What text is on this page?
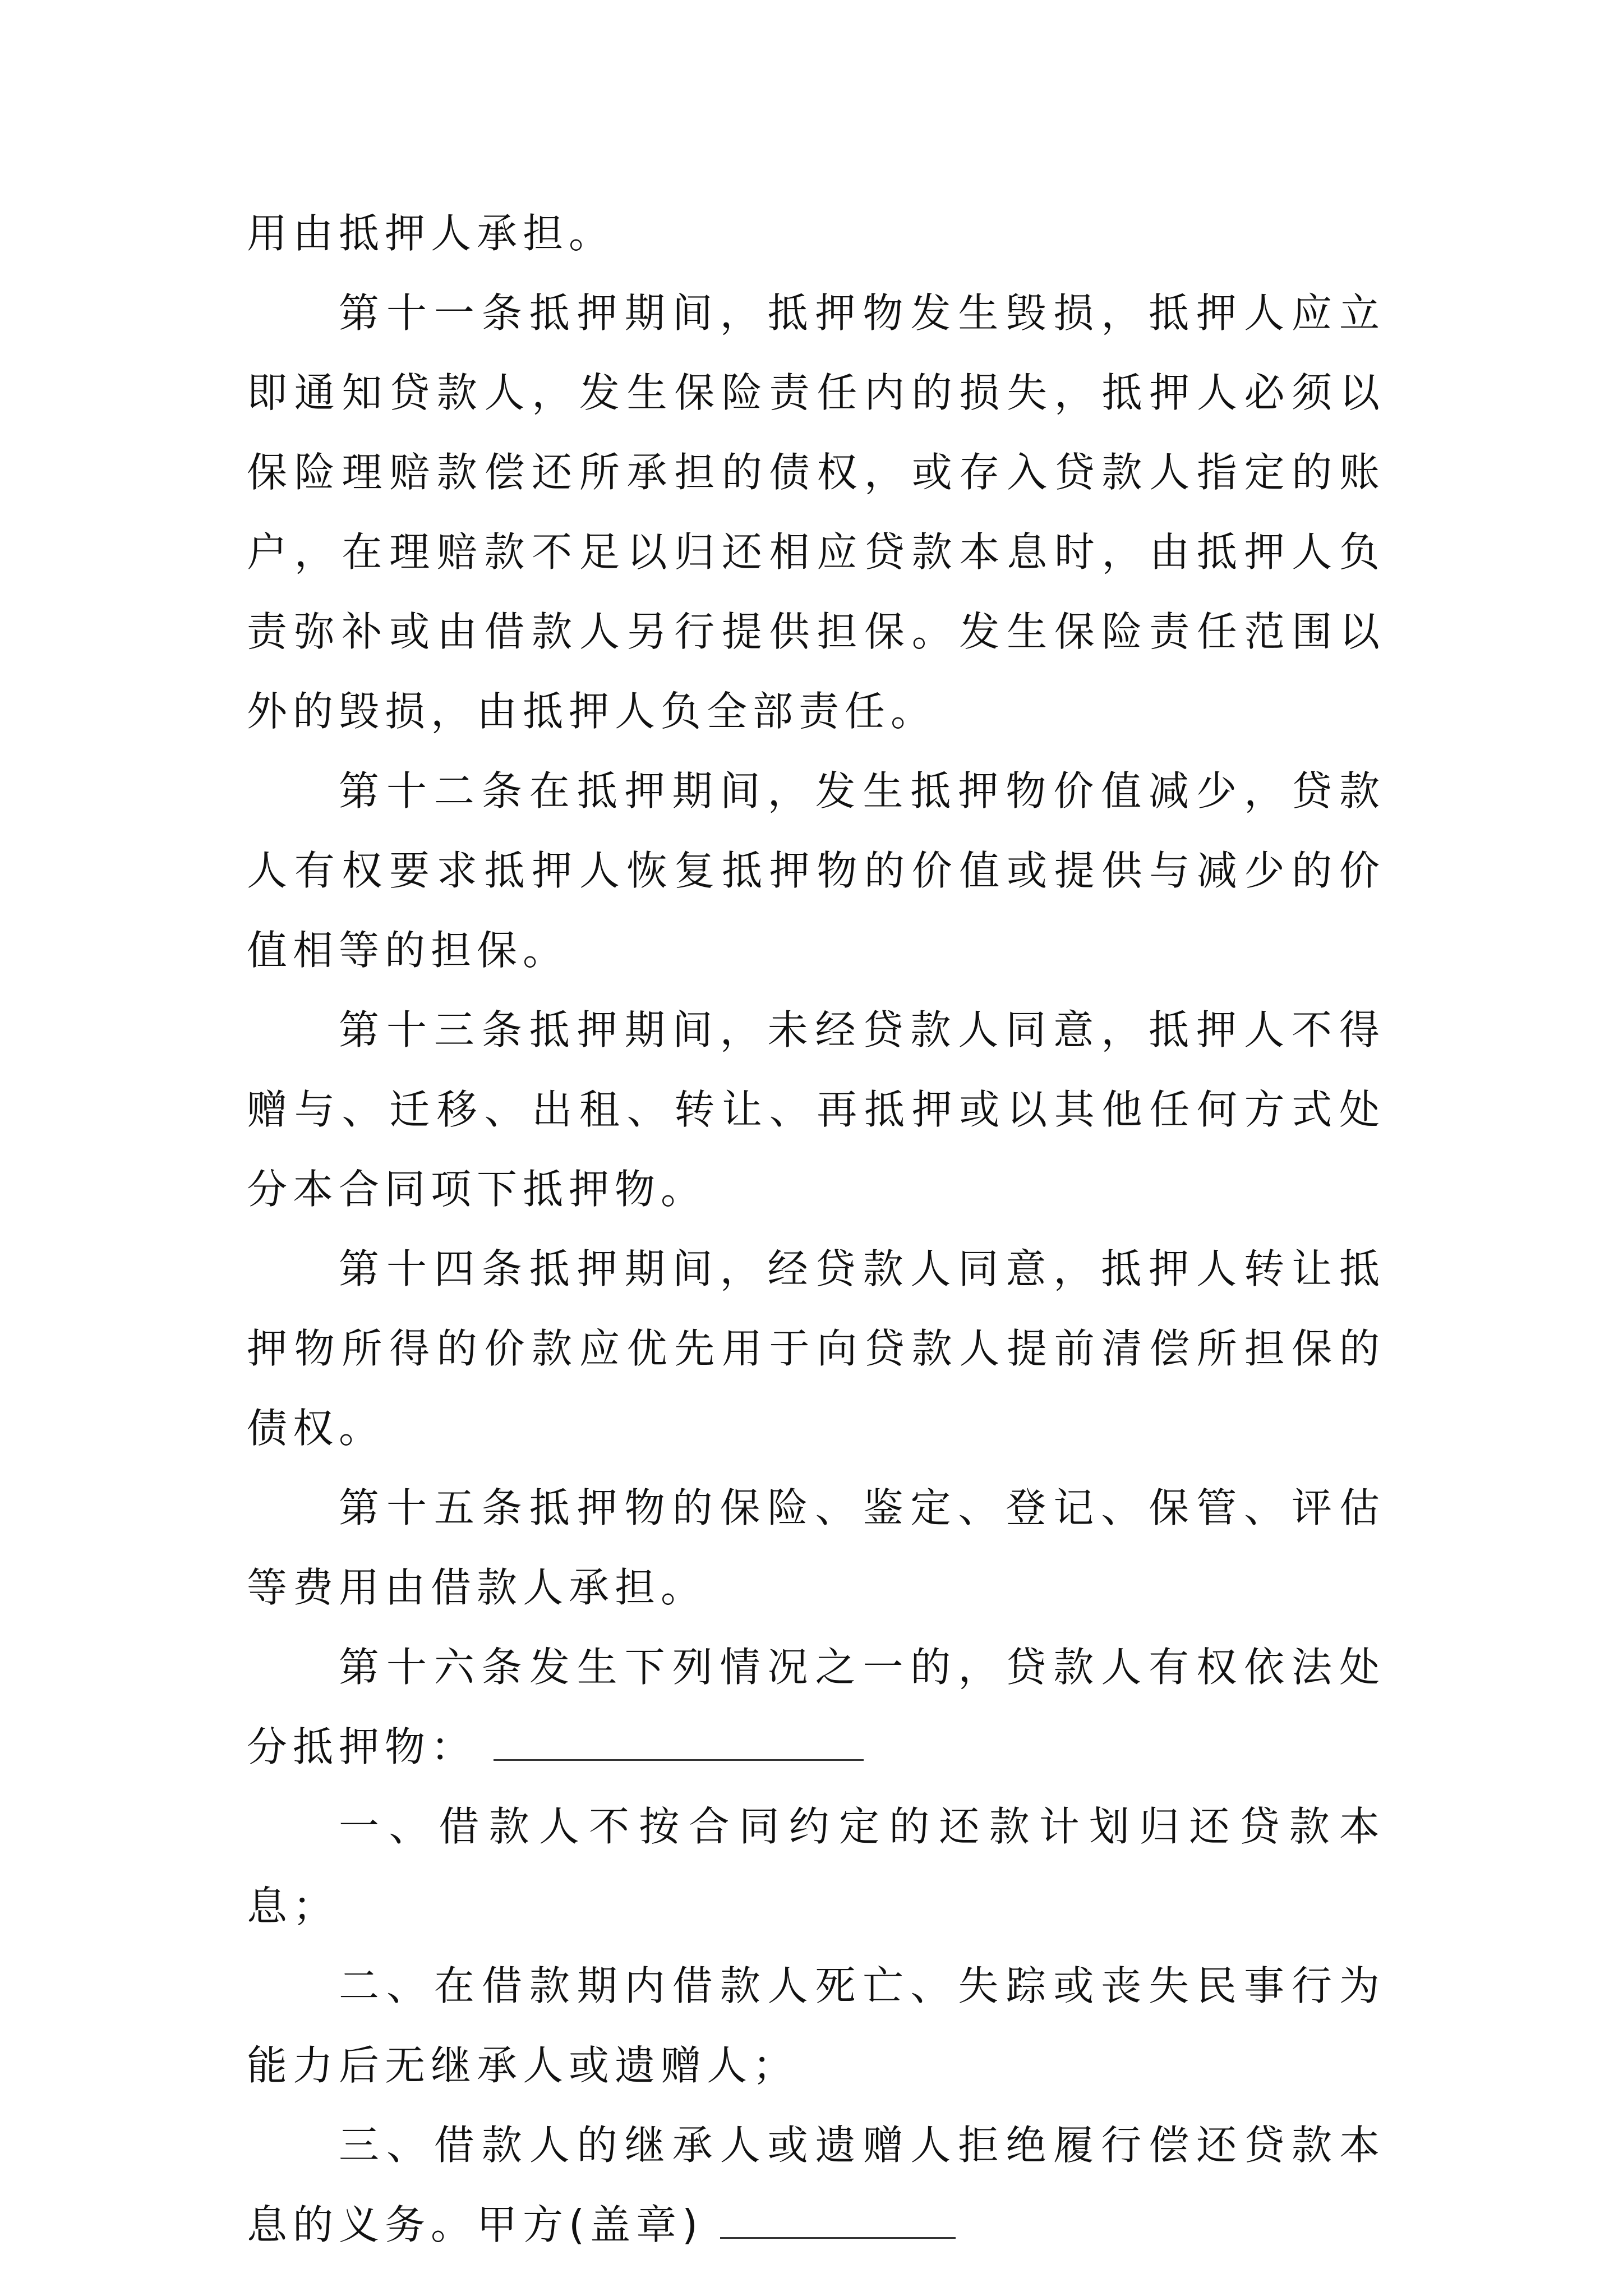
用由抵押人承担。

第十一条抵押期间，抵押物发生毁损，抵押人应立即通知贷款人，发生保险责任内的损失，抵押人必须以保险理赔款偿还所承担的债权，或存入贷款人指定的账户，在理赔款不足以归还相应贷款本息时，由抵押人负责弥补或由借款人另行提供担保。发生保险责任范围以外的毁损，由抵押人负全部责任。

第十二条在抵押期间，发生抵押物价值减少，贷款人有权要求抵押人恢复抵押物的价值或提供与减少的价值相等的担保。

第十三条抵押期间，未经贷款人同意，抵押人不得赠与、迁移、出租、转让、再抵押或以其他任何方式处分本合同项下抵押物。

第十四条抵押期间，经贷款人同意，抵押人转让抵押物所得的价款应优先用于向贷款人提前清偿所担保的债权。

第十五条抵押物的保险、鉴定、登记、保管、评估等费用由借款人承担。

第十六条发生下列情况之一的，贷款人有权依法处分抵押物：

一、借款人不按合同约定的还款计划归还贷款本息；

二、在借款期内借款人死亡、失踪或丧失民事行为能力后无继承人或遗赠人；

三、借款人的继承人或遗赠人拒绝履行偿还贷款本息的义务。甲方(盖章)
